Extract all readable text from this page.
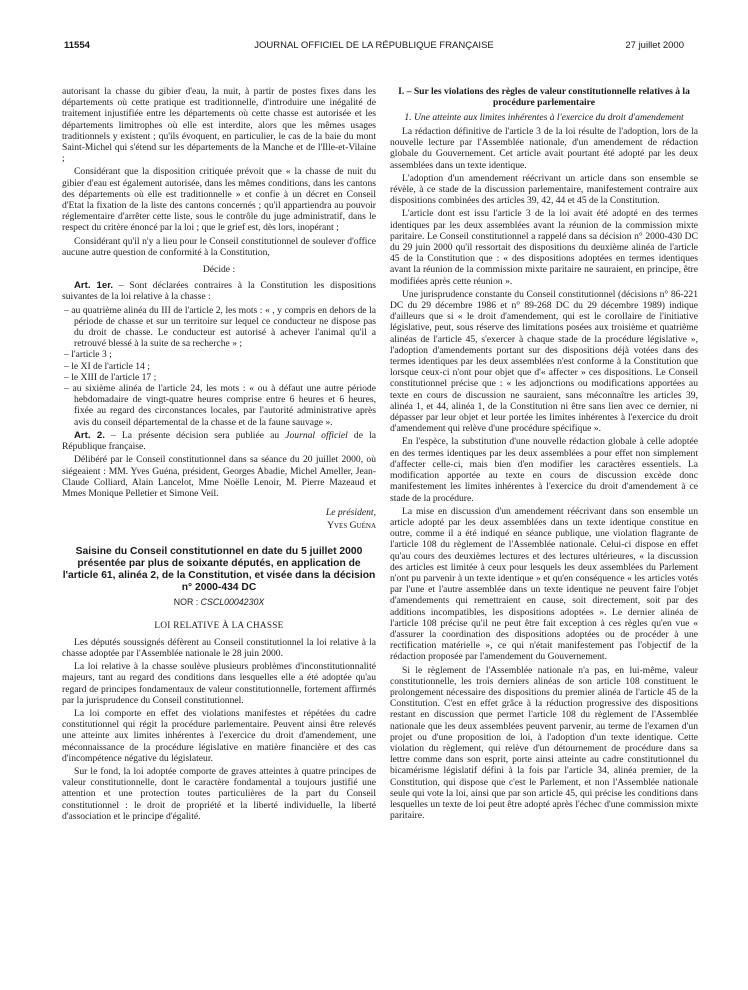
11554	JOURNAL OFFICIEL DE LA RÉPUBLIQUE FRANÇAISE	27 juillet 2000

autorisant la chasse du gibier d'eau, la nuit, à partir de postes fixes dans les départements où cette pratique est traditionnelle, d'introduire une inégalité de traitement injustifiée entre les départements où cette chasse est autorisée et les départements limitrophes où elle est interdite, alors que les mêmes usages traditionnels y existent ; qu'ils évoquent, en particulier, le cas de la baie du mont Saint-Michel qui s'étend sur les départements de la Manche et de l'Ille-et-Vilaine ;

Considérant que la disposition critiquée prévoit que « la chasse de nuit du gibier d'eau est également autorisée, dans les mêmes conditions, dans les cantons des départements où elle est traditionnelle » et confie à un décret en Conseil d'Etat la fixation de la liste des cantons concernés ; qu'il appartiendra au pouvoir réglementaire d'arrêter cette liste, sous le contrôle du juge administratif, dans le respect du critère énoncé par la loi ; que le grief est, dès lors, inopérant ;

Considérant qu'il n'y a lieu pour le Conseil constitutionnel de soulever d'office aucune autre question de conformité à la Constitution,

Décide :

Art. 1er. – Sont déclarées contraires à la Constitution les dispositions suivantes de la loi relative à la chasse :

– au quatrième alinéa du III de l'article 2, les mots : « , y compris en dehors de la période de chasse et sur un territoire sur lequel ce conducteur ne dispose pas du droit de chasse. Le conducteur est autorisé à achever l'animal qu'il a retrouvé blessé à la suite de sa recherche » ;
– l'article 3 ;
– le XI de l'article 14 ;
– le XIII de l'article 17 ;
– au sixième alinéa de l'article 24, les mots : « ou à défaut une autre période hebdomadaire de vingt-quatre heures comprise entre 6 heures et 6 heures, fixée au regard des circonstances locales, par l'autorité administrative après avis du conseil départemental de la chasse et de la faune sauvage ».

Art. 2. – La présente décision sera publiée au Journal officiel de la République française.

Délibéré par le Conseil constitutionnel dans sa séance du 20 juillet 2000, où siégeaient : MM. Yves Guéna, président, Georges Abadie, Michel Ameller, Jean-Claude Colliard, Alain Lancelot, Mme Noëlle Lenoir, M. Pierre Mazeaud et Mmes Monique Pelletier et Simone Veil.

Le président,

Yves Guéna

Saisine du Conseil constitutionnel en date du 5 juillet 2000 présentée par plus de soixante députés, en application de l'article 61, alinéa 2, de la Constitution, et visée dans la décision n° 2000-434 DC

NOR : CSCL0004230X

LOI RELATIVE À LA CHASSE

Les députés soussignés défèrent au Conseil constitutionnel la loi relative à la chasse adoptée par l'Assemblée nationale le 28 juin 2000.

La loi relative à la chasse soulève plusieurs problèmes d'inconstitutionnalité majeurs, tant au regard des conditions dans lesquelles elle a été adoptée qu'au regard de principes fondamentaux de valeur constitutionnelle, fortement affirmés par la jurisprudence du Conseil constitutionnel.

La loi comporte en effet des violations manifestes et répétées du cadre constitutionnel qui régit la procédure parlementaire. Peuvent ainsi être relevés une atteinte aux limites inhérentes à l'exercice du droit d'amendement, une méconnaissance de la procédure législative en matière financière et des cas d'incompétence négative du législateur.

Sur le fond, la loi adoptée comporte de graves atteintes à quatre principes de valeur constitutionnelle, dont le caractère fondamental a toujours justifié une attention et une protection toutes particulières de la part du Conseil constitutionnel : le droit de propriété et la liberté individuelle, la liberté d'association et le principe d'égalité.

I. – Sur les violations des règles de valeur constitutionnelle relatives à la procédure parlementaire

1. Une atteinte aux limites inhérentes à l'exercice du droit d'amendement

La rédaction définitive de l'article 3 de la loi résulte de l'adoption, lors de la nouvelle lecture par l'Assemblée nationale, d'un amendement de rédaction globale du Gouvernement. Cet article avait pourtant été adopté par les deux assemblées dans un texte identique.

L'adoption d'un amendement réécrivant un article dans son ensemble se révèle, à ce stade de la discussion parlementaire, manifestement contraire aux dispositions combinées des articles 39, 42, 44 et 45 de la Constitution.

L'article dont est issu l'article 3 de la loi avait été adopté en des termes identiques par les deux assemblées avant la réunion de la commission mixte paritaire. Le Conseil constitutionnel a rappelé dans sa décision n° 2000-430 DC du 29 juin 2000 qu'il ressortait des dispositions du deuxième alinéa de l'article 45 de la Constitution que : « des dispositions adoptées en termes identiques avant la réunion de la commission mixte paritaire ne sauraient, en principe, être modifiées après cette réunion ».

Une jurisprudence constante du Conseil constitutionnel (décisions n° 86-221 DC du 29 décembre 1986 et n° 89-268 DC du 29 décembre 1989) indique d'ailleurs que si « le droit d'amendement, qui est le corollaire de l'initiative législative, peut, sous réserve des limitations posées aux troisième et quatrième alinéas de l'article 45, s'exercer à chaque stade de la procédure législative », l'adoption d'amendements portant sur des dispositions déjà votées dans des termes identiques par les deux assemblées n'est conforme à la Constitution que lorsque ceux-ci n'ont pour objet que d'« affecter » ces dispositions. Le Conseil constitutionnel précise que : « les adjonctions ou modifications apportées au texte en cours de discussion ne sauraient, sans méconnaître les articles 39, alinéa 1, et 44, alinéa 1, de la Constitution ni être sans lien avec ce dernier, ni dépasser par leur objet et leur portée les limites inhérentes à l'exercice du droit d'amendement qui relève d'une procédure spécifique ».

En l'espèce, la substitution d'une nouvelle rédaction globale à celle adoptée en des termes identiques par les deux assemblées a pour effet non simplement d'affecter celle-ci, mais bien d'en modifier les caractères essentiels. La modification apportée au texte en cours de discussion excède donc manifestement les limites inhérentes à l'exercice du droit d'amendement à ce stade de la procédure.

La mise en discussion d'un amendement réécrivant dans son ensemble un article adopté par les deux assemblées dans un texte identique constitue en outre, comme il a été indiqué en séance publique, une violation flagrante de l'article 108 du règlement de l'Assemblée nationale. Celui-ci dispose en effet qu'au cours des deuxièmes lectures et des lectures ultérieures, « la discussion des articles est limitée à ceux pour lesquels les deux assemblées du Parlement n'ont pu parvenir à un texte identique » et qu'en conséquence « les articles votés par l'une et l'autre assemblée dans un texte identique ne peuvent faire l'objet d'amendements qui remettraient en cause, soit directement, soit par des additions incompatibles, les dispositions adoptées ». Le dernier alinéa de l'article 108 précise qu'il ne peut être fait exception à ces règles qu'en vue « d'assurer la coordination des dispositions adoptées ou de procéder à une rectification matérielle », ce qui n'était manifestement pas l'objectif de la rédaction proposée par l'amendement du Gouvernement.

Si le règlement de l'Assemblée nationale n'a pas, en lui-même, valeur constitutionnelle, les trois derniers alinéas de son article 108 constituent le prolongement nécessaire des dispositions du premier alinéa de l'article 45 de la Constitution. C'est en effet grâce à la réduction progressive des dispositions restant en discussion que permet l'article 108 du règlement de l'Assemblée nationale que les deux assemblées peuvent parvenir, au terme de l'examen d'un projet ou d'une proposition de loi, à l'adoption d'un texte identique. Cette violation du règlement, qui relève d'un détournement de procédure dans sa lettre comme dans son esprit, porte ainsi atteinte au cadre constitutionnel du bicamérisme législatif défini à la fois par l'article 34, alinéa premier, de la Constitution, qui dispose que c'est le Parlement, et non l'Assemblée nationale seule qui vote la loi, ainsi que par son article 45, qui précise les conditions dans lesquelles un texte de loi peut être adopté après l'échec d'une commission mixte paritaire.
